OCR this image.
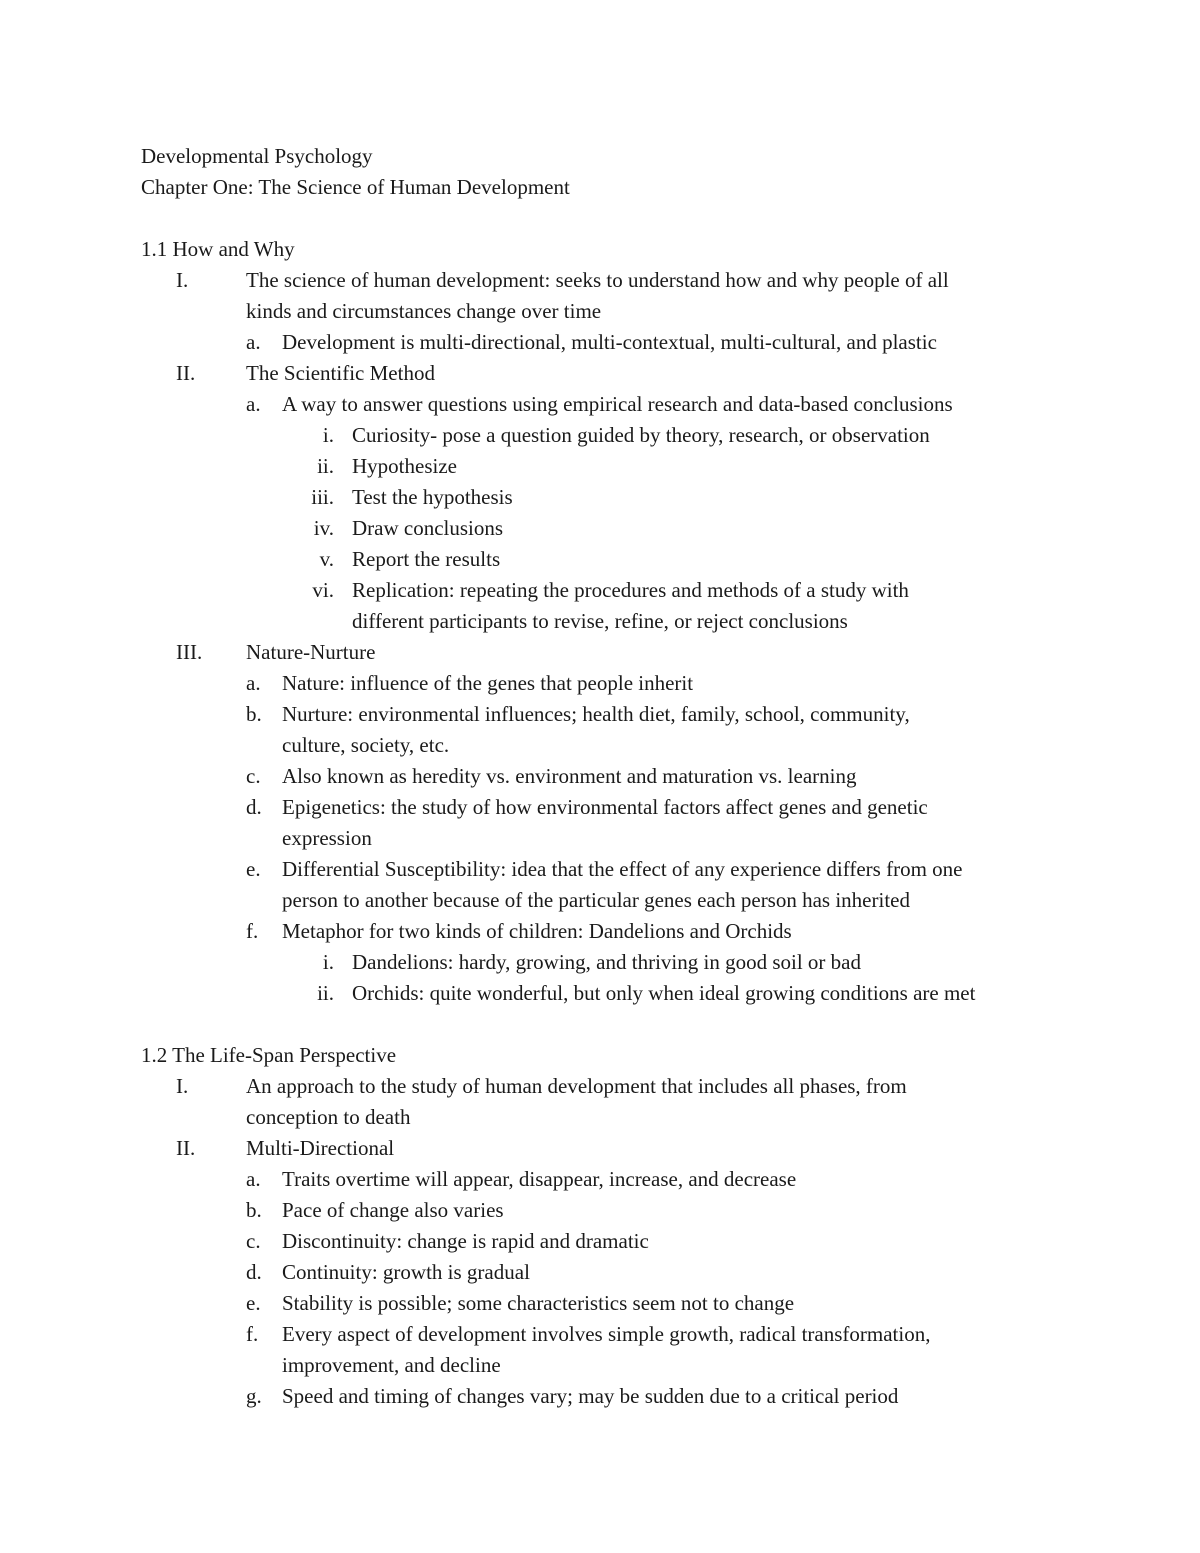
Developmental Psychology
Chapter One: The Science of Human Development
1.1 How and Why
I.	The science of human development: seeks to understand how and why people of all
kinds and circumstances change over time
a. Development is multi-directional, multi-contextual, multi-cultural, and plastic
II. The Scientific Method
a. A way to answer questions using empirical research and data-based conclusions
i. Curiosity- pose a question guided by theory, research, or observation
ii. Hypothesize
iii. Test the hypothesis
iv. Draw conclusions
v. Report the results
vi. Replication: repeating the procedures and methods of a study with
different participants to revise, refine, or reject conclusions
III. Nature-Nurture
a. Nature: influence of the genes that people inherit
b. Nurture: environmental influences; health diet, family, school, community,
culture, society, etc.
c. Also known as heredity vs. environment and maturation vs. learning
d. Epigenetics: the study of how environmental factors affect genes and genetic
expression
e. Differential Susceptibility: idea that the effect of any experience differs from one
person to another because of the particular genes each person has inherited
f. Metaphor for two kinds of children: Dandelions and Orchids
i. Dandelions: hardy, growing, and thriving in good soil or bad
ii. Orchids: quite wonderful, but only when ideal growing conditions are met
1.2 The Life-Span Perspective
I.	An approach to the study of human development that includes all phases, from
conception to death
II. Multi-Directional
a. Traits overtime will appear, disappear, increase, and decrease
b. Pace of change also varies
c. Discontinuity: change is rapid and dramatic
d. Continuity: growth is gradual
e. Stability is possible; some characteristics seem not to change
f. Every aspect of development involves simple growth, radical transformation,
improvement, and decline
g. Speed and timing of changes vary; may be sudden due to a critical period
